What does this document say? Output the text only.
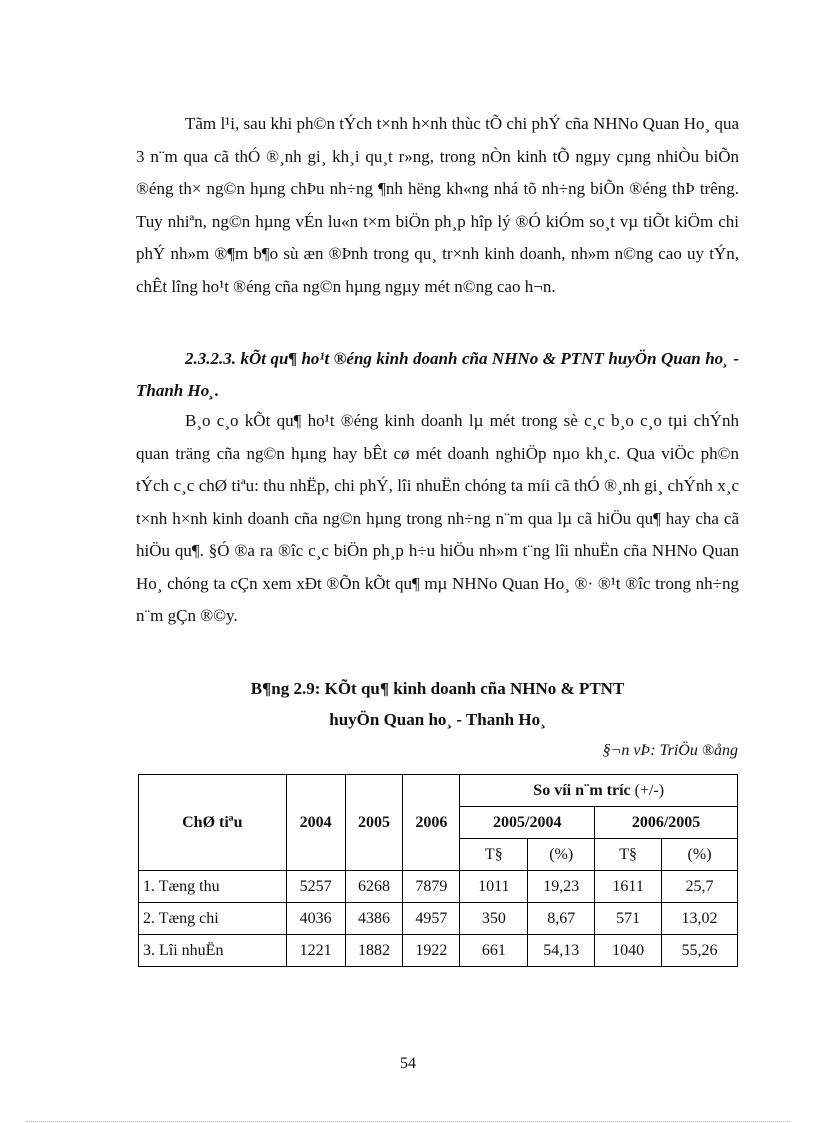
Tãm l¹i, sau khi ph©n tÝch t×nh h×nh thùc tÕ chi phÝ cña NHNo Quan Ho¸ qua 3 n¨m qua cã thÓ ®¸nh gi¸ kh¸i qu¸t r»ng, trong nÒn kinh tÕ ngµy cµng nhiÒu biÕn ®éng th× ng©n hµng chÞu nh÷ng ¶nh hëng kh«ng nhá tõ nh÷ng biÕn ®éng thÞ trêng. Tuy nhiªn, ng©n hµng vÉn lu«n t×m biÖn ph¸p hîp lý ®Ó kiÓm so¸t vµ tiÕt kiÖm chi phÝ nh»m ®¶m b¶o sù æn ®Þnh trong qu¸ tr×nh kinh doanh, nh»m n©ng cao uy tÝn, chÊt lîng ho¹t ®éng cña ng©n hµng ngµy mét n©ng cao h¬n.

2.3.2.3. kÕt qu¶ ho¹t ®éng kinh doanh cña NHNo & PTNT huyÖn Quan ho¸ - Thanh Ho¸.

B¸o c¸o kÕt qu¶ ho¹t ®éng kinh doanh lµ mét trong sè c¸c b¸o c¸o tµi chÝnh quan träng cña ng©n hµng hay bÊt cø mét doanh nghiÖp nµo kh¸c. Qua viÖc ph©n tÝch c¸c chØ tiªu: thu nhËp, chi phÝ, lîi nhuËn chóng ta míi cã thÓ ®¸nh gi¸ chÝnh x¸c t×nh h×nh kinh doanh cña ng©n hµng trong nh÷ng n¨m qua lµ cã hiÖu qu¶ hay cha cã hiÖu qu¶. §Ó ®a ra ®îc c¸c biÖn ph¸p h÷u hiÖu nh»m t¨ng lîi nhuËn cña NHNo Quan Ho¸ chóng ta cÇn xem xÐt ®Õn kÕt qu¶ mµ NHNo Quan Ho¸ ®· ®¹t ®îc trong nh÷ng n¨m gÇn ®©y.

B¶ng 2.9: KÕt qu¶ kinh doanh cña NHNo & PTNT

huyÖn Quan ho¸ - Thanh Ho¸

§¬n vÞ: TriÖu ®ång

ChØ tiªu	2004	2005	2006	So víi n¨m tríc (+/-)			
				2005/2004		2006/2005	
				T§	(%)	T§	(%)
1. Tæng thu	5257	6268	7879	1011	19,23	1611	25,7
2. Tæng chi	4036	4386	4957	350	8,67	571	13,02
3. Lîi nhuËn	1221	1882	1922	661	54,13	1040	55,26

54
